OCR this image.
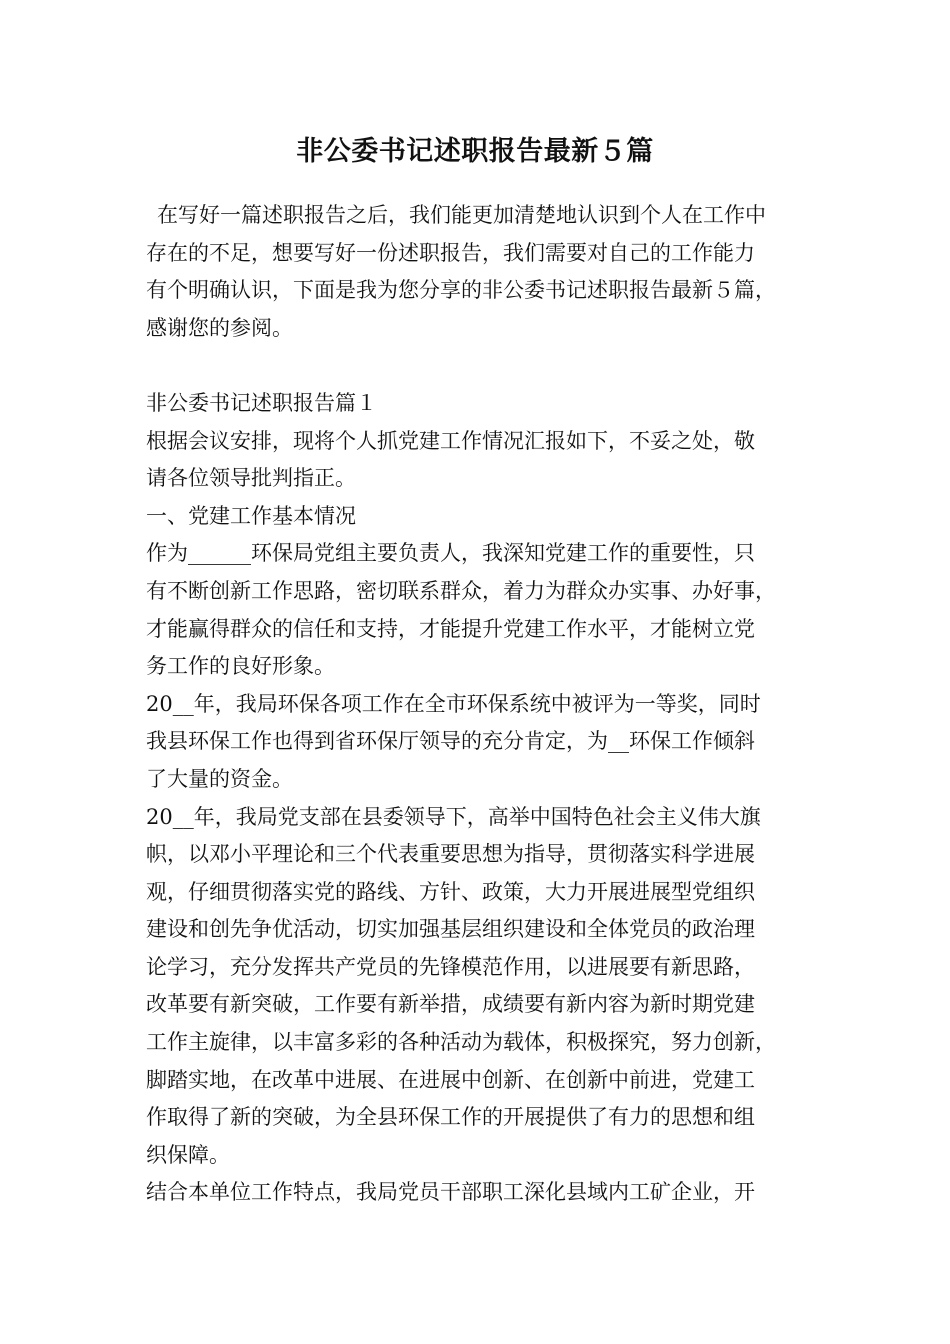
非公委书记述职报告最新５篇
在写好一篇述职报告之后，我们能更加清楚地认识到个人在工作中
存在的不足，想要写好一份述职报告，我们需要对自己的工作能力
有个明确认识，下面是我为您分享的非公委书记述职报告最新５篇，
感谢您的参阅。
非公委书记述职报告篇１
根据会议安排，现将个人抓党建工作情况汇报如下，不妥之处，敬
请各位领导批判指正。
一、党建工作基本情况
作为______环保局党组主要负责人，我深知党建工作的重要性，只
有不断创新工作思路，密切联系群众，着力为群众办实事、办好事，
才能赢得群众的信任和支持，才能提升党建工作水平，才能树立党
务工作的良好形象。
20__年，我局环保各项工作在全市环保系统中被评为一等奖，同时
我县环保工作也得到省环保厅领导的充分肯定，为__环保工作倾斜
了大量的资金。
20__年，我局党支部在县委领导下，高举中国特色社会主义伟大旗
帜，以邓小平理论和三个代表重要思想为指导，贯彻落实科学进展
观，仔细贯彻落实党的路线、方针、政策，大力开展进展型党组织
建设和创先争优活动，切实加强基层组织建设和全体党员的政治理
论学习，充分发挥共产党员的先锋模范作用，以进展要有新思路，
改革要有新突破，工作要有新举措，成绩要有新内容为新时期党建
工作主旋律，以丰富多彩的各种活动为载体，积极探究，努力创新，
脚踏实地，在改革中进展、在进展中创新、在创新中前进，党建工
作取得了新的突破，为全县环保工作的开展提供了有力的思想和组
织保障。
结合本单位工作特点，我局党员干部职工深化县域内工矿企业，开
